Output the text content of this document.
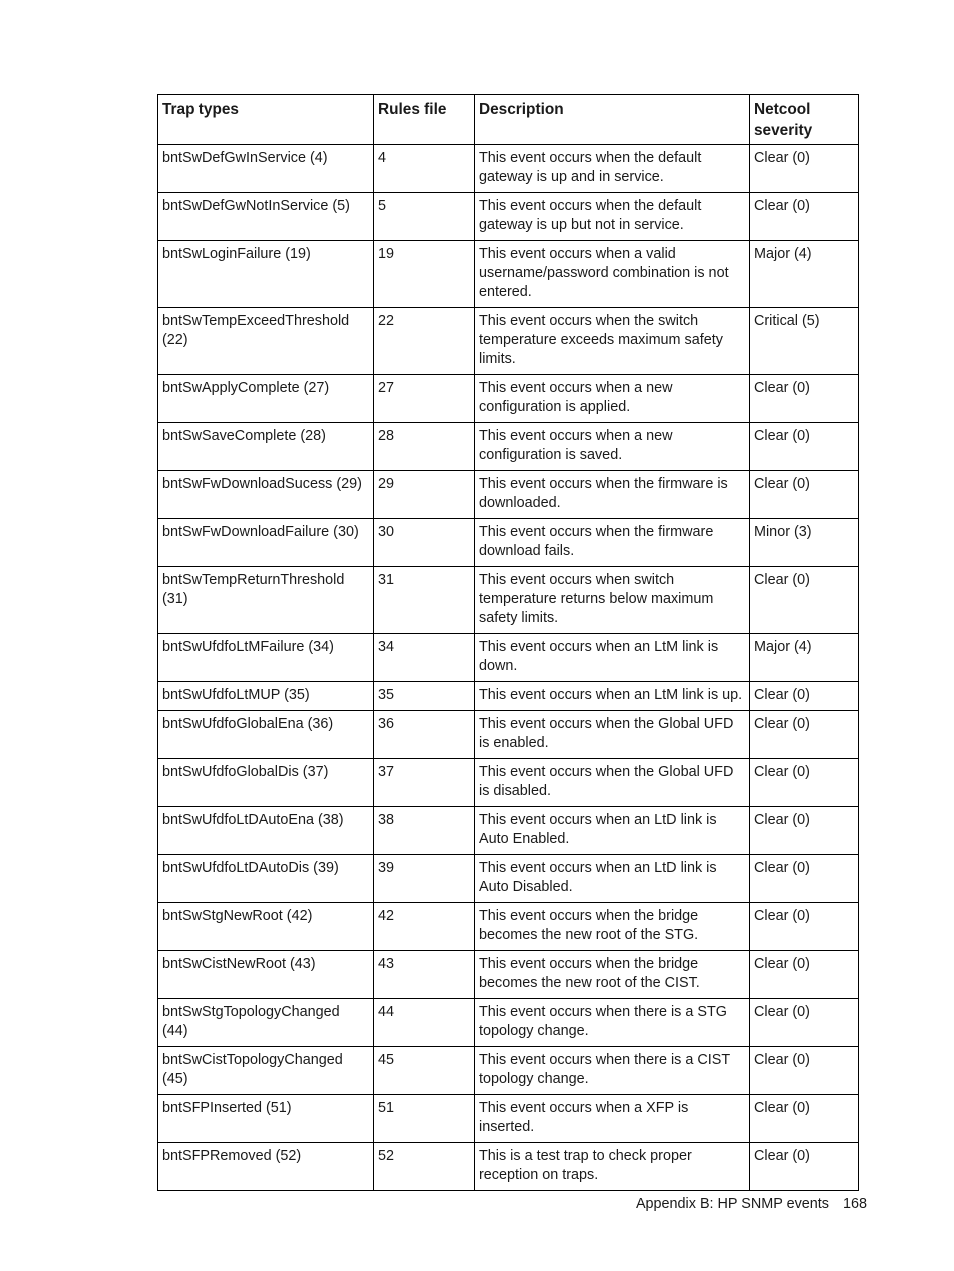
Trap types	Rules file	Description	Netcool severity
bntSwDefGwInService (4)	4	This event occurs when the default gateway is up and in service.	Clear (0)
bntSwDefGwNotInService (5)	5	This event occurs when the default gateway is up but not in service.	Clear (0)
bntSwLoginFailure (19)	19	This event occurs when a valid username/password combination is not entered.	Major (4)
bntSwTempExceedThreshold (22)	22	This event occurs when the switch temperature exceeds maximum safety limits.	Critical (5)
bntSwApplyComplete (27)	27	This event occurs when a new configuration is applied.	Clear (0)
bntSwSaveComplete (28)	28	This event occurs when a new configuration is saved.	Clear (0)
bntSwFwDownloadSucess (29)	29	This event occurs when the firmware is downloaded.	Clear (0)
bntSwFwDownloadFailure (30)	30	This event occurs when the firmware download fails.	Minor (3)
bntSwTempReturnThreshold (31)	31	This event occurs when switch temperature returns below maximum safety limits.	Clear (0)
bntSwUfdfoLtMFailure (34)	34	This event occurs when an LtM link is down.	Major (4)
bntSwUfdfoLtMUP (35)	35	This event occurs when an LtM link is up.	Clear (0)
bntSwUfdfoGlobalEna (36)	36	This event occurs when the Global UFD is enabled.	Clear (0)
bntSwUfdfoGlobalDis (37)	37	This event occurs when the Global UFD is disabled.	Clear (0)
bntSwUfdfoLtDAutoEna (38)	38	This event occurs when an LtD link is Auto Enabled.	Clear (0)
bntSwUfdfoLtDAutoDis (39)	39	This event occurs when an LtD link is Auto Disabled.	Clear (0)
bntSwStgNewRoot (42)	42	This event occurs when the bridge becomes the new root of the STG.	Clear (0)
bntSwCistNewRoot (43)	43	This event occurs when the bridge becomes the new root of the CIST.	Clear (0)
bntSwStgTopologyChanged (44)	44	This event occurs when there is a STG topology change.	Clear (0)
bntSwCistTopologyChanged (45)	45	This event occurs when there is a CIST topology change.	Clear (0)
bntSFPInserted (51)	51	This event occurs when a XFP is inserted.	Clear (0)
bntSFPRemoved (52)	52	This is a test trap to check proper reception on traps.	Clear (0)
Appendix B: HP SNMP events 168
